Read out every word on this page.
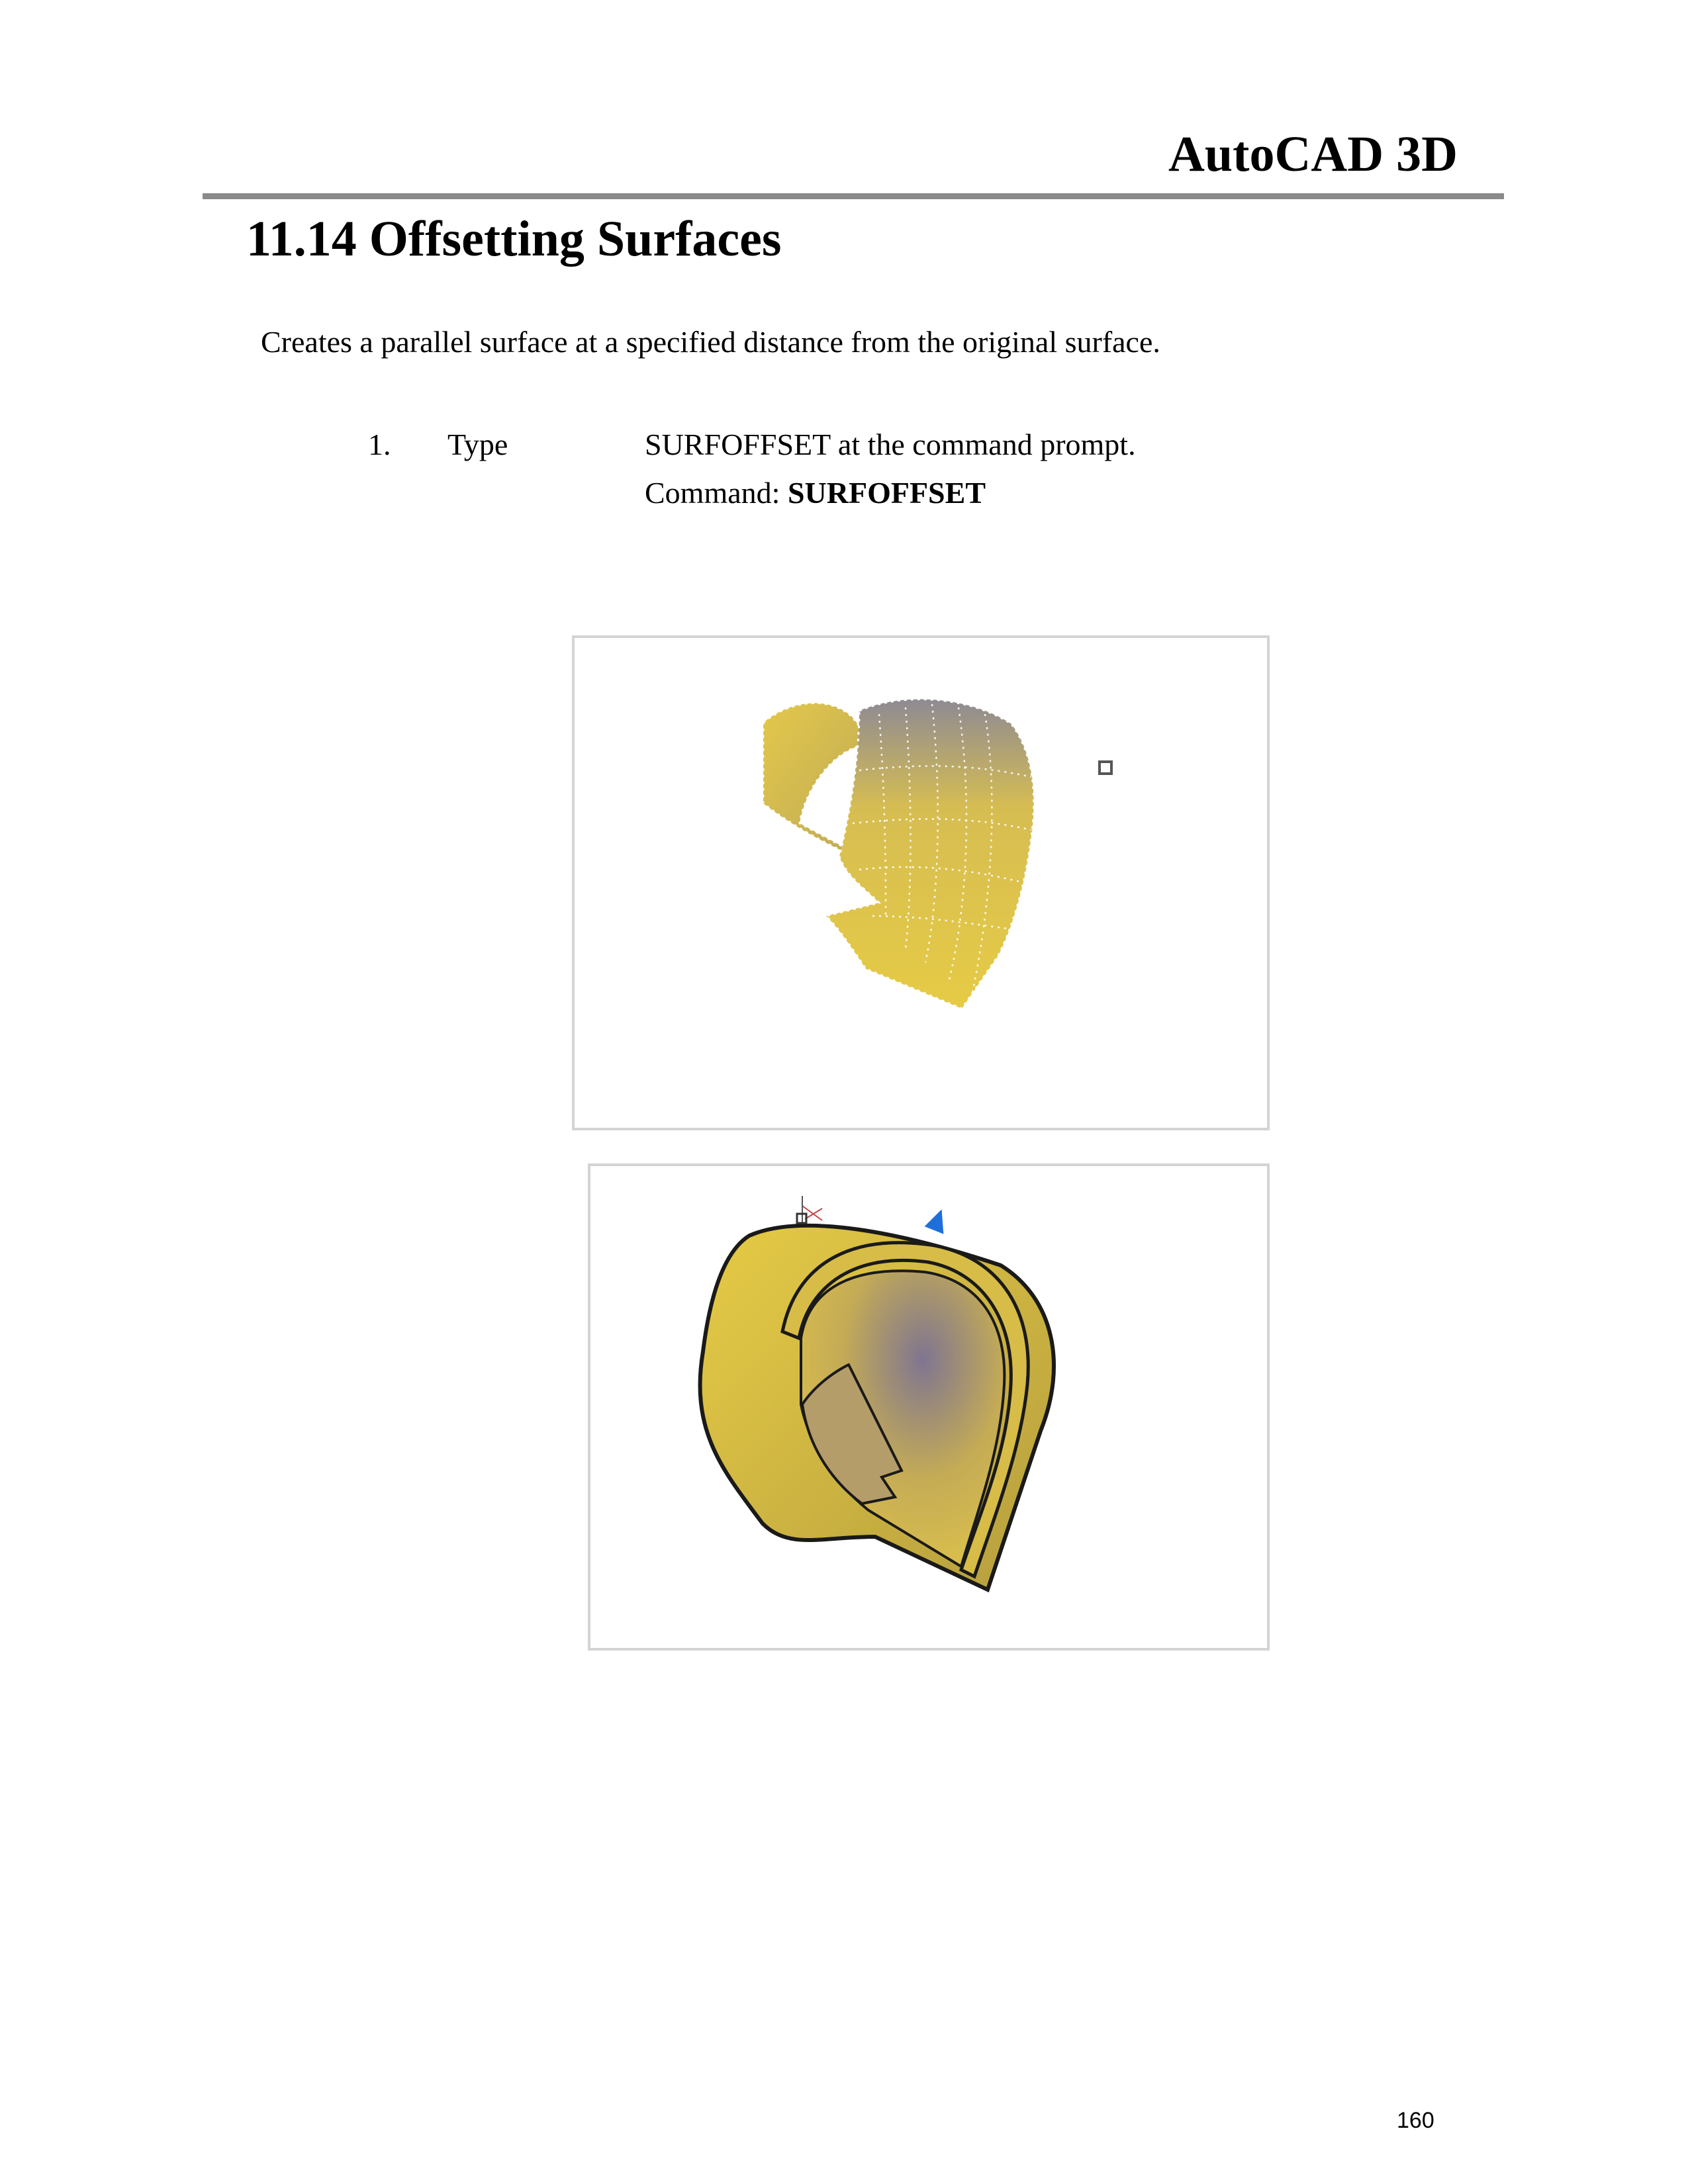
AutoCAD 3D
11.14 Offsetting Surfaces
Creates a parallel surface at a specified distance from the original surface.
1. Type	SURFOFFSET at the command prompt.
Command: SURFOFFSET
160
